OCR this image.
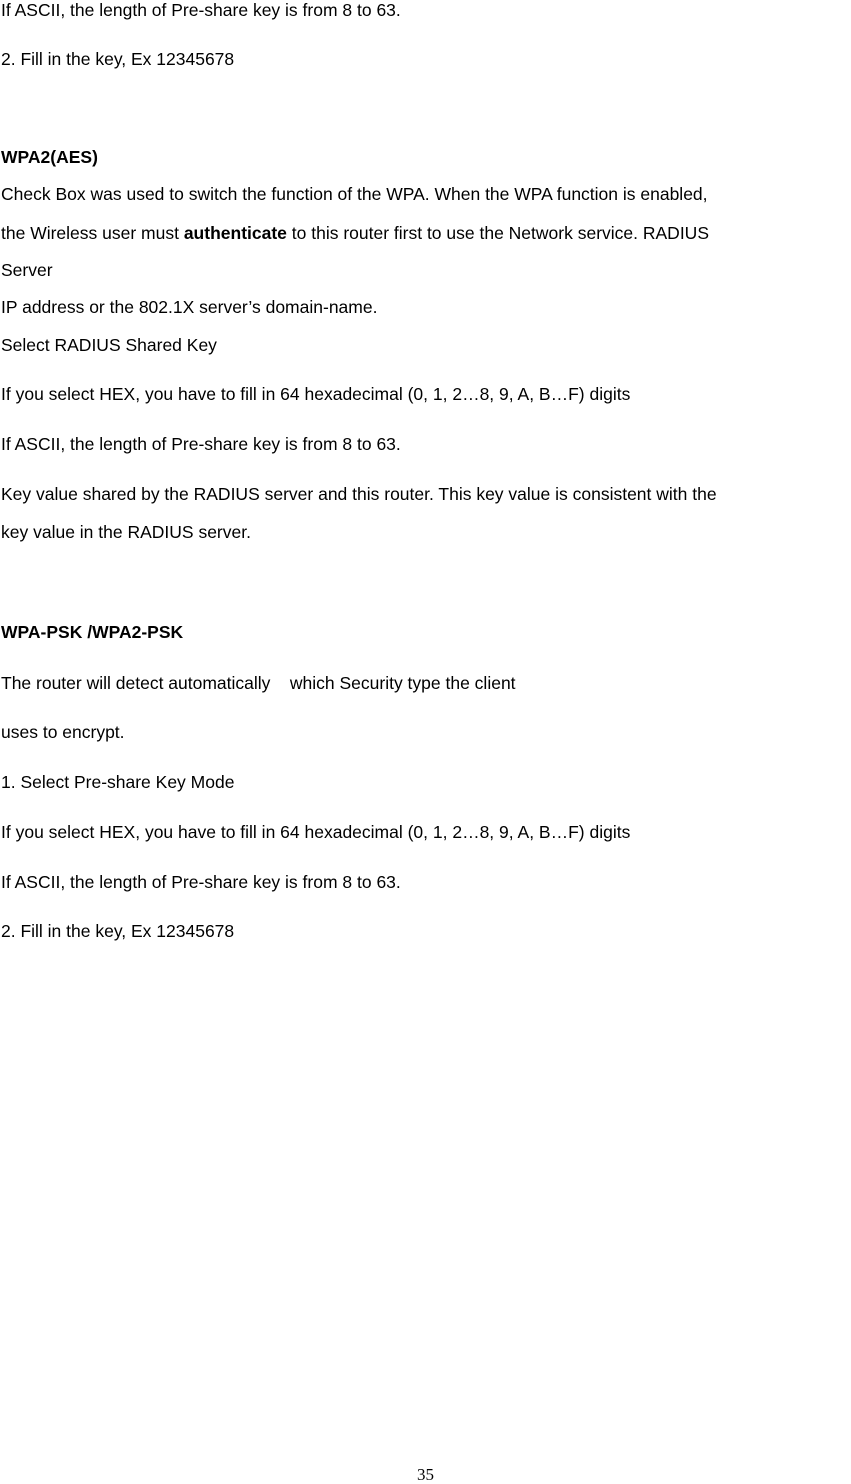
If ASCII, the length of Pre-share key is from 8 to 63.
2. Fill in the key, Ex 12345678
WPA2(AES)
Check Box was used to switch the function of the WPA. When the WPA function is enabled,
the Wireless user must authenticate to this router first to use the Network service. RADIUS
Server
IP address or the 802.1X server’s domain-name.
Select RADIUS Shared Key
If you select HEX, you have to fill in 64 hexadecimal (0, 1, 2…8, 9, A, B…F) digits
If ASCII, the length of Pre-share key is from 8 to 63.
Key value shared by the RADIUS server and this router. This key value is consistent with the
key value in the RADIUS server.
WPA-PSK /WPA2-PSK
The router will detect automatically    which Security type the client
uses to encrypt.
1. Select Pre-share Key Mode
If you select HEX, you have to fill in 64 hexadecimal (0, 1, 2…8, 9, A, B…F) digits
If ASCII, the length of Pre-share key is from 8 to 63.
2. Fill in the key, Ex 12345678
35
